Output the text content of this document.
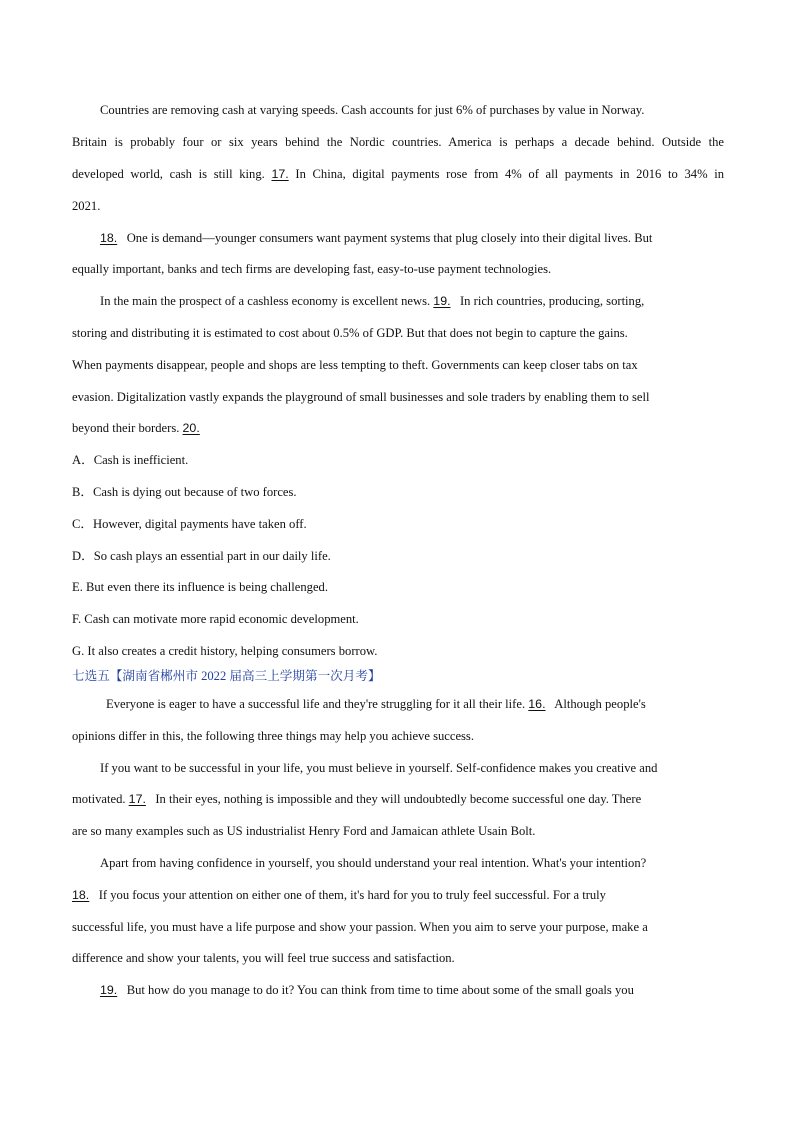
Countries are removing cash at varying speeds. Cash accounts for just 6% of purchases by value in Norway.
Britain is probably four or six years behind the Nordic countries. America is perhaps a decade behind. Outside the
developed world, cash is still king. 17. In China, digital payments rose from 4% of all payments in 2016 to 34% in
2021.
18. One is demand—younger consumers want payment systems that plug closely into their digital lives. But
equally important, banks and tech firms are developing fast, easy-to-use payment technologies.
In the main the prospect of a cashless economy is excellent news. 19. In rich countries, producing, sorting,
storing and distributing it is estimated to cost about 0.5% of GDP. But that does not begin to capture the gains.
When payments disappear, people and shops are less tempting to theft. Governments can keep closer tabs on tax
evasion. Digitalization vastly expands the playground of small businesses and sole traders by enabling them to sell
beyond their borders. 20.
A．Cash is inefficient.
B．Cash is dying out because of two forces.
C．However, digital payments have taken off.
D．So cash plays an essential part in our daily life.
E. But even there its influence is being challenged.
F. Cash can motivate more rapid economic development.
G. It also creates a credit history, helping consumers borrow.
七选五【湖南省郴州市 2022 届高三上学期第一次月考】
Everyone is eager to have a successful life and they're struggling for it all their life. 16. Although people's
opinions differ in this, the following three things may help you achieve success.
If you want to be successful in your life, you must believe in yourself. Self-confidence makes you creative and
motivated. 17. In their eyes, nothing is impossible and they will undoubtedly become successful one day. There
are so many examples such as US industrialist Henry Ford and Jamaican athlete Usain Bolt.
Apart from having confidence in yourself, you should understand your real intention. What's your intention?
18. If you focus your attention on either one of them, it's hard for you to truly feel successful. For a truly
successful life, you must have a life purpose and show your passion. When you aim to serve your purpose, make a
difference and show your talents, you will feel true success and satisfaction.
19. But how do you manage to do it? You can think from time to time about some of the small goals you
